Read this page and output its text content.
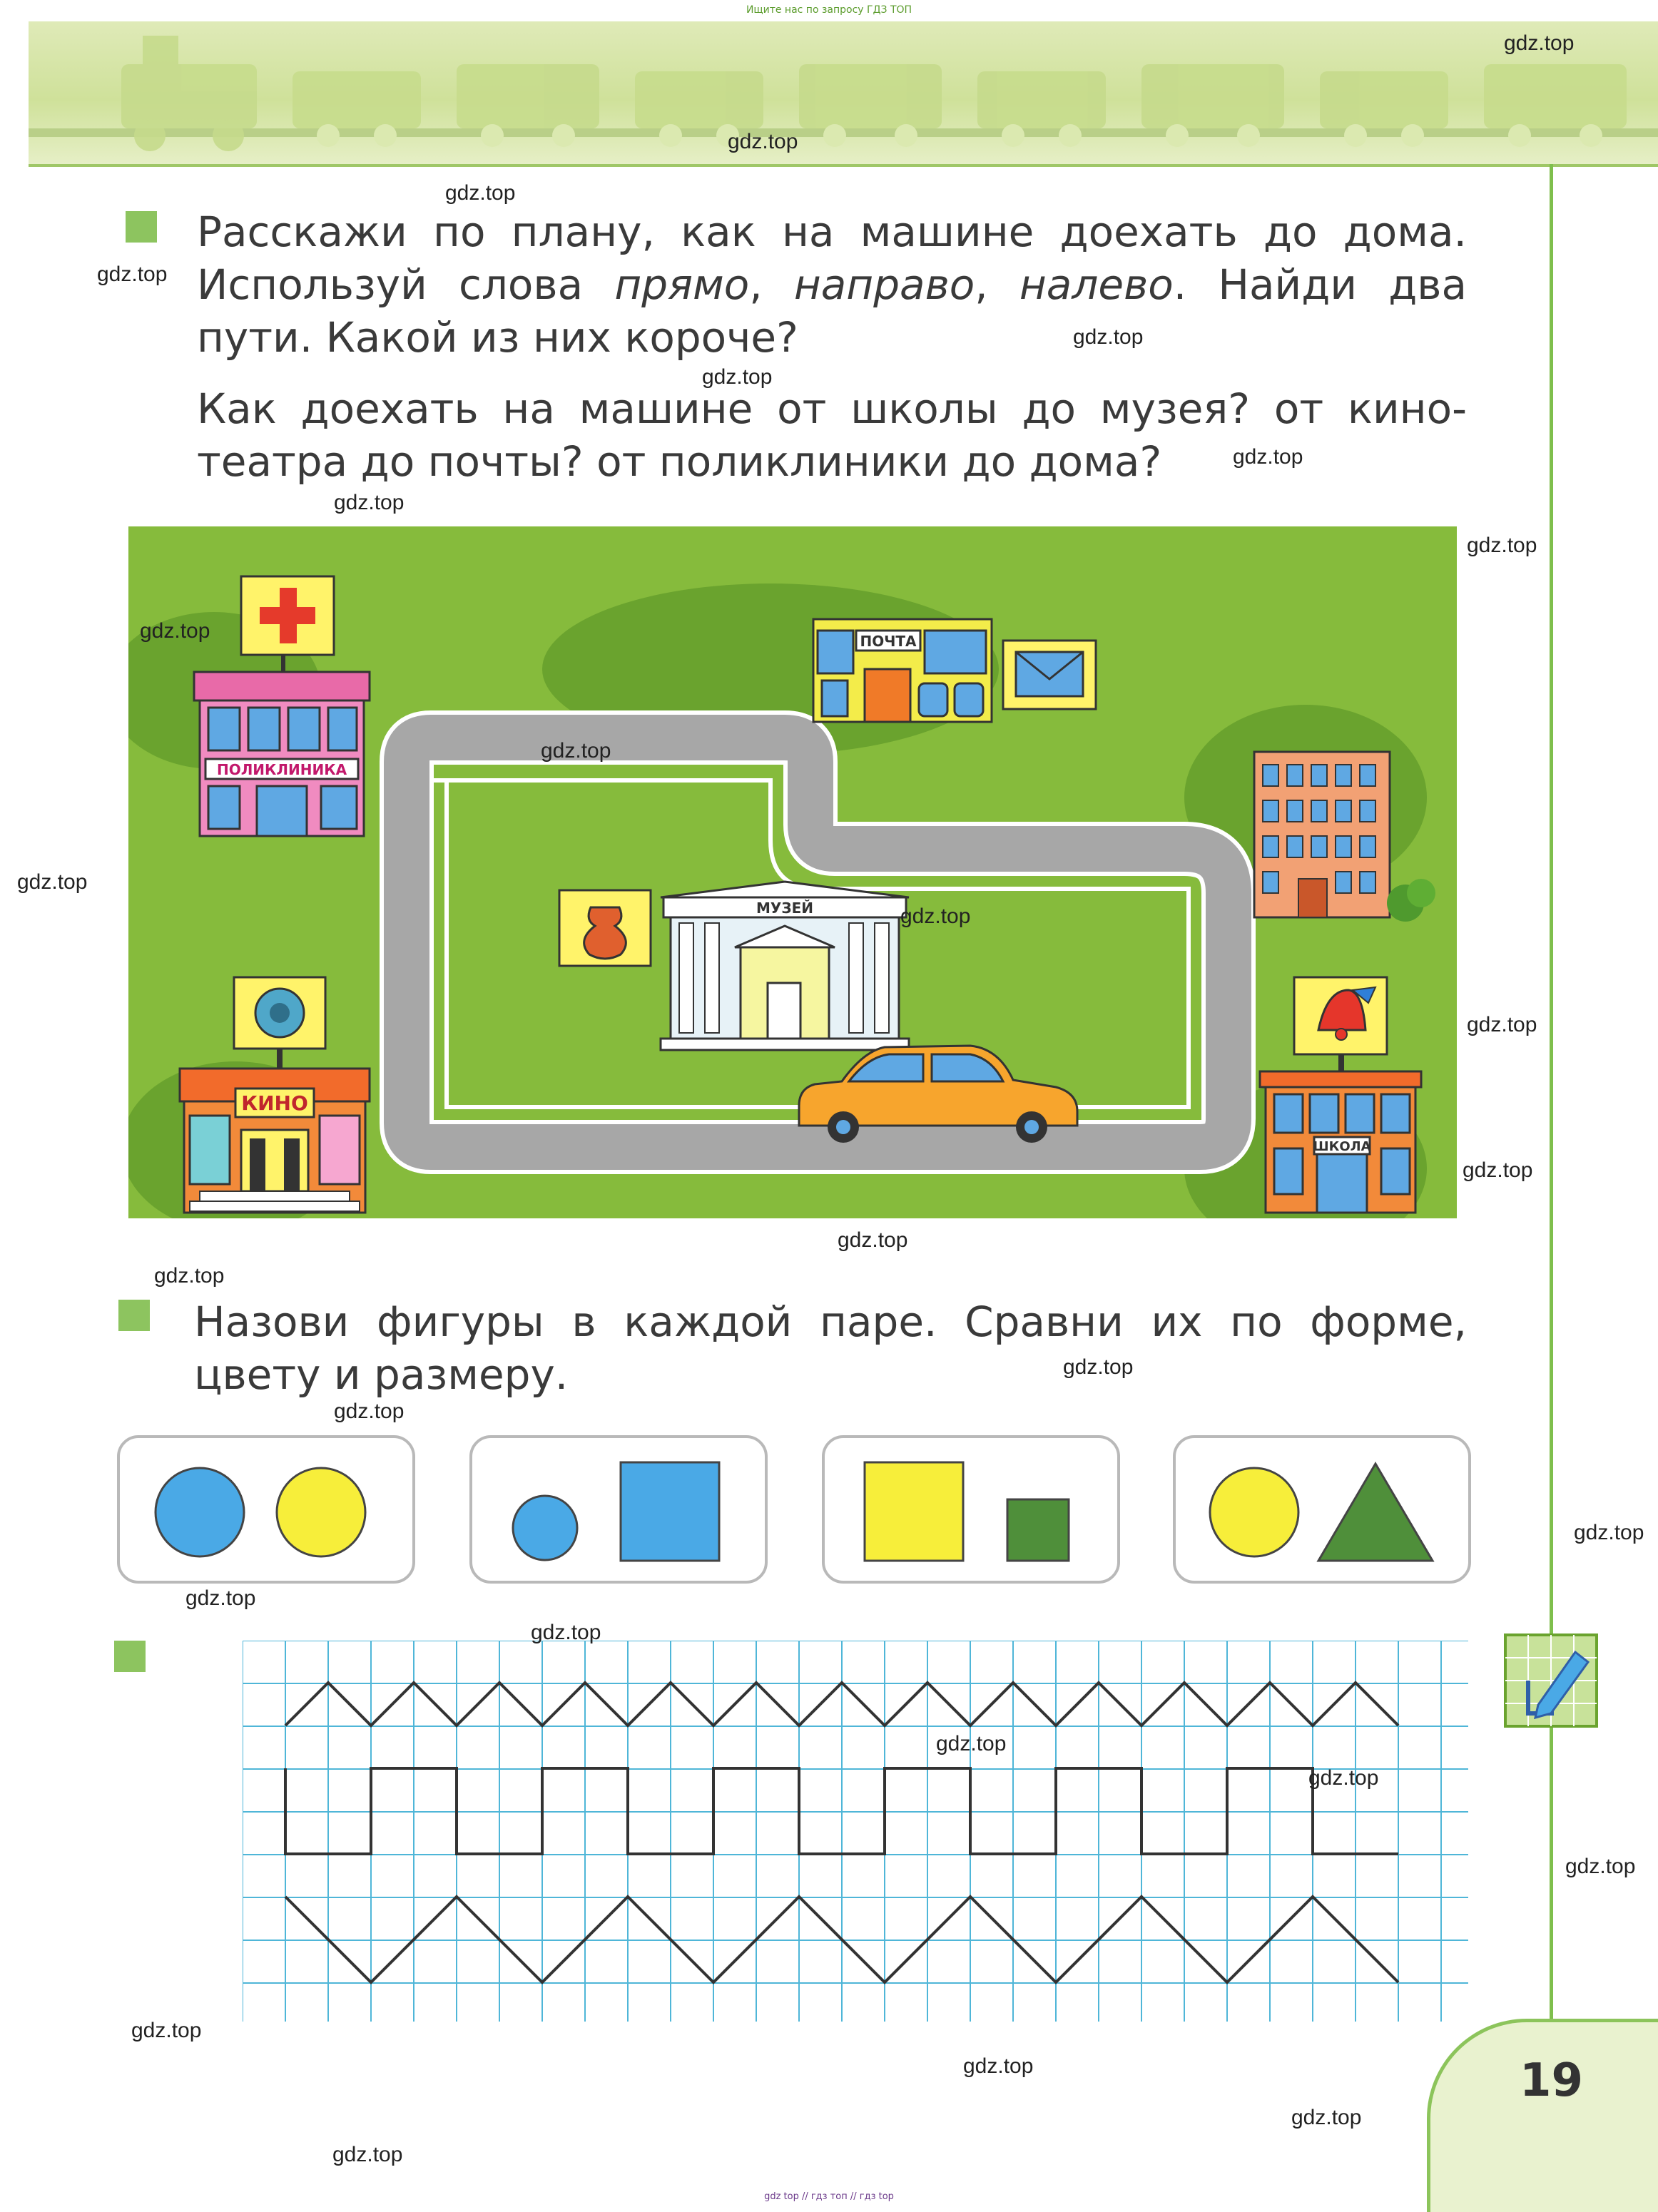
Ищите нас по запросу ГДЗ ТОП
Расскажи по плану, как на машине доехать до дома.
Используй слова прямо, направо, налево. Найди два
пути. Какой из них короче?
Как доехать на машине от школы до музея? от кино-
театра до почты? от поликлиники до дома?
ПОЛИКЛИНИКА
ПОЧТА
МУЗЕЙ
КИНО
ШКОЛА
Назови фигуры в каждой паре. Сравни их по форме,
цвету и размеру.
19
gdz.top
gdz.top
gdz.top
gdz.top
gdz.top
gdz.top
gdz.top
gdz.top
gdz.top
gdz.top
gdz.top
gdz.top
gdz.top
gdz.top
gdz.top
gdz.top
gdz.top
gdz.top
gdz.top
gdz.top
gdz.top
gdz.top
gdz.top
gdz.top
gdz.top
gdz.top
gdz.top
gdz.top
gdz.top
gdz top // гдз топ // гдз top
